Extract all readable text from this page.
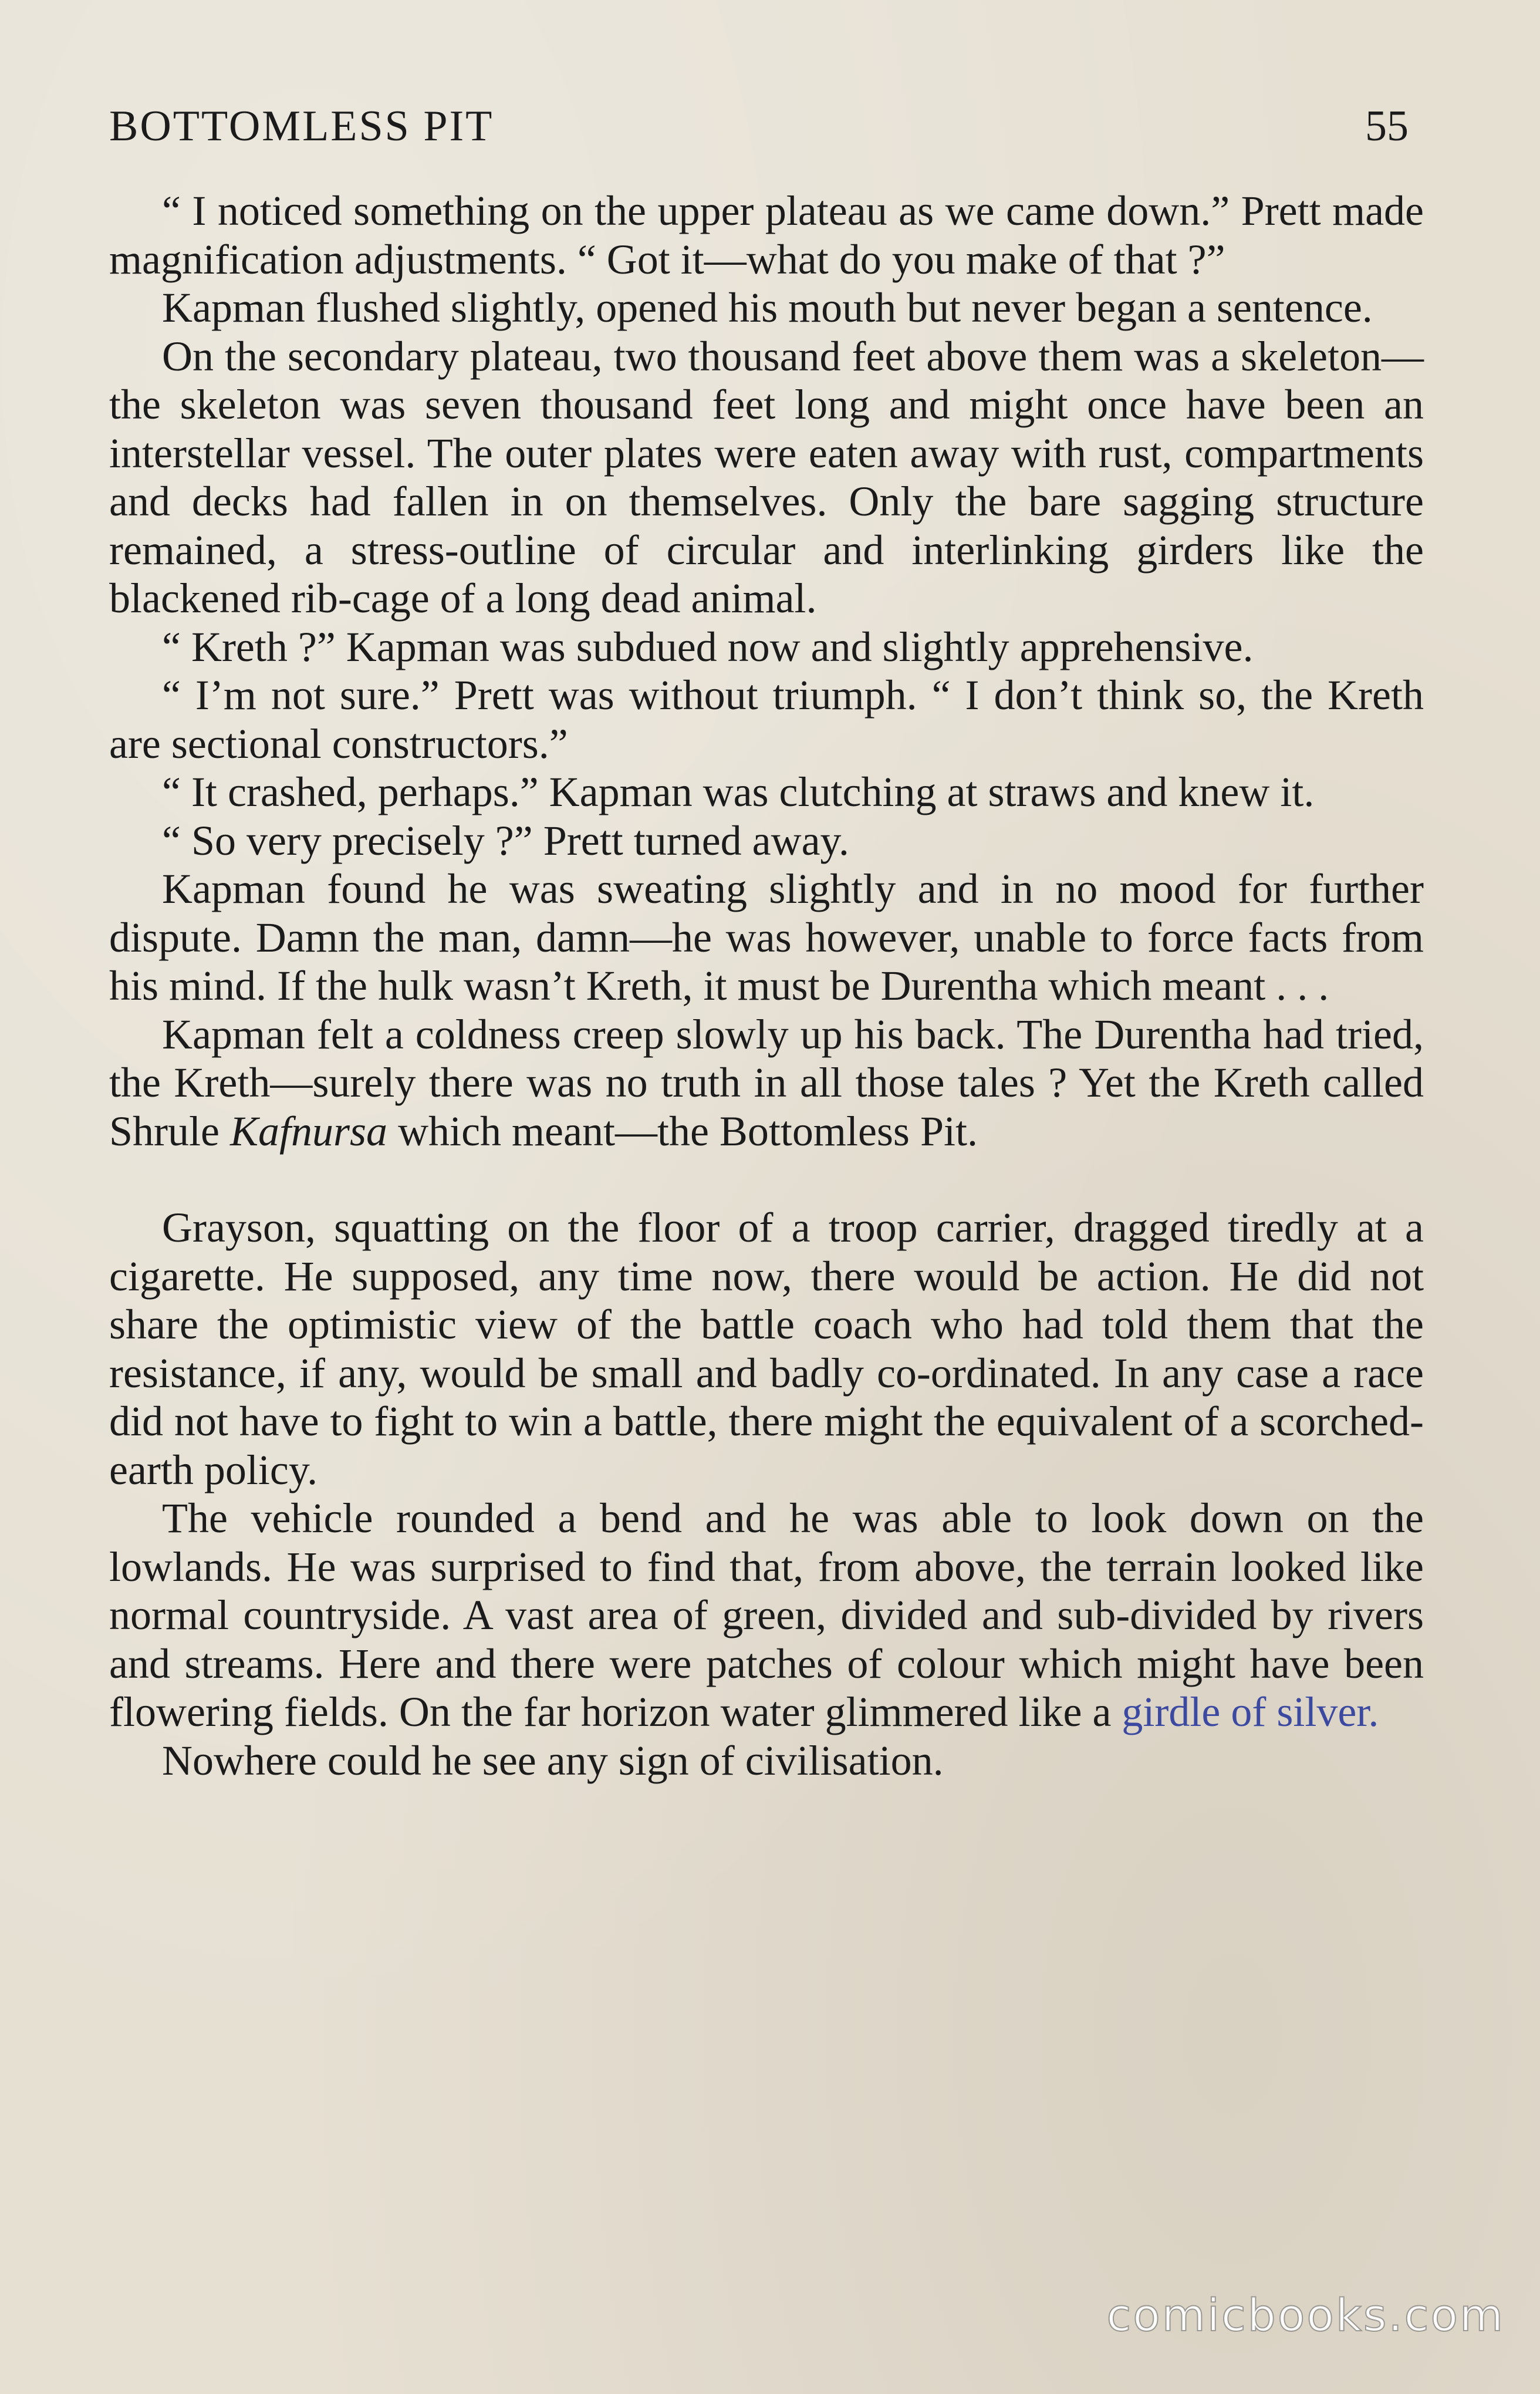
BOTTOMLESS PIT	55

“ I noticed something on the upper plateau as we came down.” Prett made magnification adjustments. “ Got it—what do you make of that ?”

Kapman flushed slightly, opened his mouth but never began a sentence.

On the secondary plateau, two thousand feet above them was a skeleton—the skeleton was seven thousand feet long and might once have been an interstellar vessel. The outer plates were eaten away with rust, compartments and decks had fallen in on themselves. Only the bare sagging structure remained, a stress-outline of circular and interlinking girders like the blackened rib-cage of a long dead animal.

“ Kreth ?” Kapman was subdued now and slightly apprehensive.

“ I’m not sure.” Prett was without triumph. “ I don’t think so, the Kreth are sectional constructors.”

“ It crashed, perhaps.” Kapman was clutching at straws and knew it.

“ So very precisely ?” Prett turned away.

Kapman found he was sweating slightly and in no mood for further dispute. Damn the man, damn—he was however, unable to force facts from his mind. If the hulk wasn’t Kreth, it must be Durentha which meant . . .

Kapman felt a coldness creep slowly up his back. The Durentha had tried, the Kreth—surely there was no truth in all those tales ? Yet the Kreth called Shrule Kafnursa which meant—the Bottomless Pit.

Grayson, squatting on the floor of a troop carrier, dragged tiredly at a cigarette. He supposed, any time now, there would be action. He did not share the optimistic view of the battle coach who had told them that the resistance, if any, would be small and badly co-ordinated. In any case a race did not have to fight to win a battle, there might the equivalent of a scorched-earth policy.

The vehicle rounded a bend and he was able to look down on the lowlands. He was surprised to find that, from above, the terrain looked like normal countryside. A vast area of green, divided and sub-divided by rivers and streams. Here and there were patches of colour which might have been flowering fields. On the far horizon water glimmered like a girdle of silver.

Nowhere could he see any sign of civilisation.

comicbooks.com
